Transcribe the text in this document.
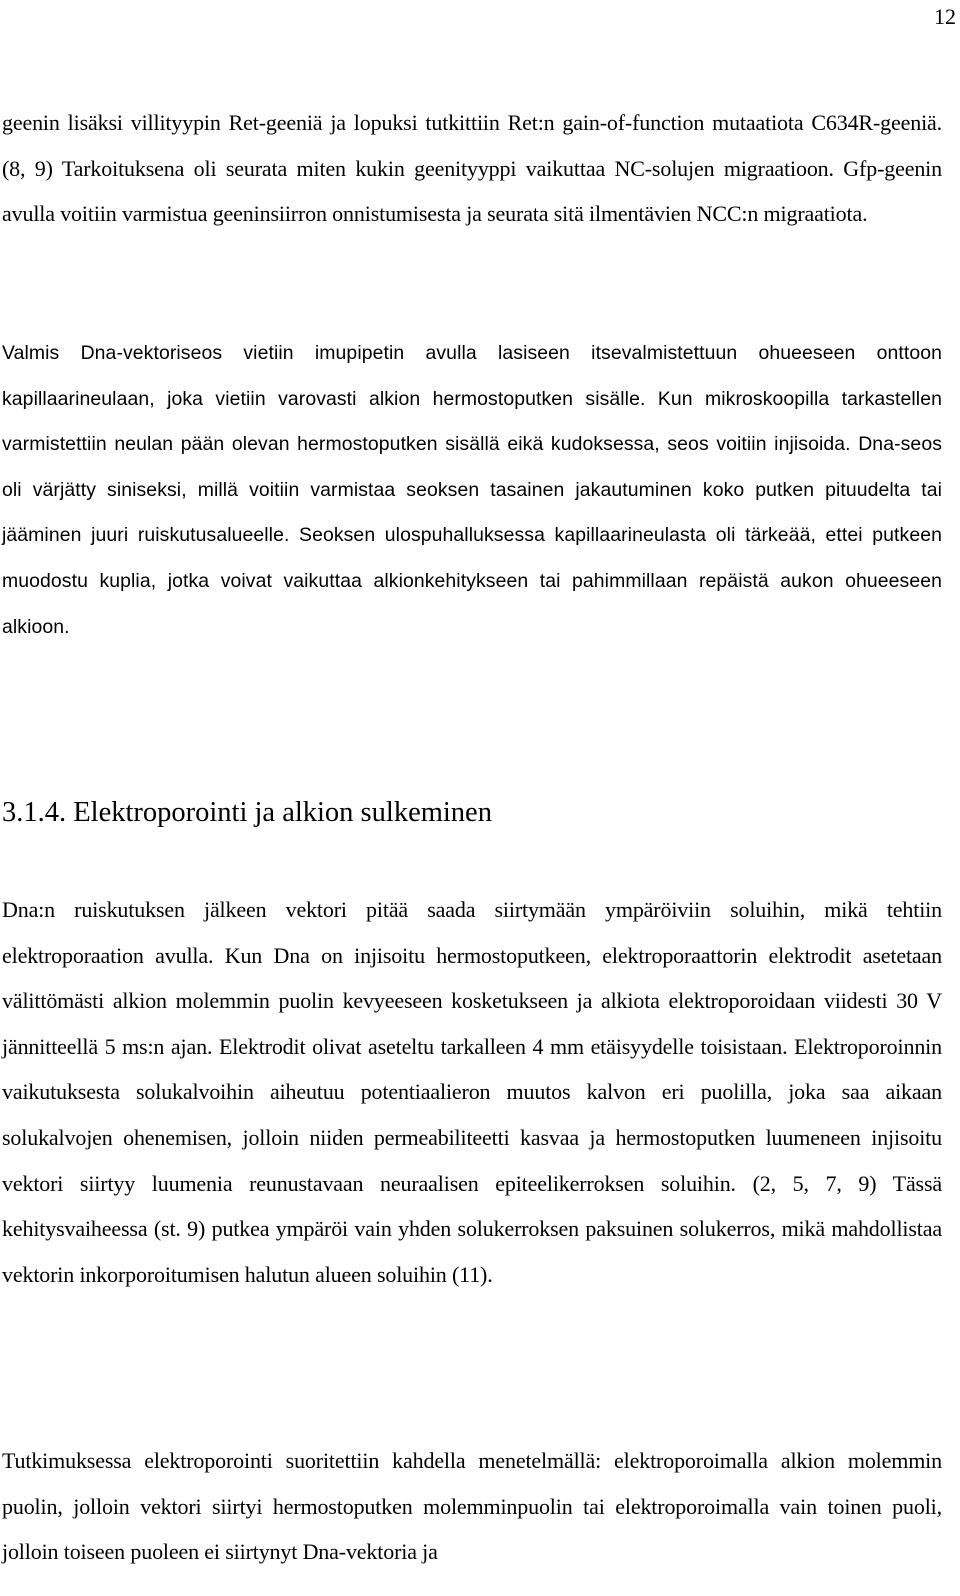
12

geenin lisäksi villityypin Ret-geeniä ja lopuksi tutkittiin Ret:n gain-of-function mutaatiota C634R-geeniä. (8, 9) Tarkoituksena oli seurata miten kukin geenityyppi vaikuttaa NC-solujen migraatioon. Gfp-geenin avulla voitiin varmistua geeninsiirron onnistumisesta ja seurata sitä ilmentävien NCC:n migraatiota.

Valmis Dna-vektoriseos vietiin imupipetin avulla lasiseen itsevalmistettuun ohueeseen onttoon kapillaarineulaan, joka vietiin varovasti alkion hermostoputken sisälle. Kun mikroskoopilla tarkastellen varmistettiin neulan pään olevan hermostoputken sisällä eikä kudoksessa, seos voitiin injisoida. Dna-seos oli värjätty siniseksi, millä voitiin varmistaa seoksen tasainen jakautuminen koko putken pituudelta tai jääminen juuri ruiskutusalueelle. Seoksen ulospuhalluksessa kapillaarineulasta oli tärkeää, ettei putkeen muodostu kuplia, jotka voivat vaikuttaa alkionkehitykseen tai pahimmillaan repäistä aukon ohueeseen alkioon.

3.1.4. Elektroporointi ja alkion sulkeminen

Dna:n ruiskutuksen jälkeen vektori pitää saada siirtymään ympäröiviin soluihin, mikä tehtiin elektroporaation avulla. Kun Dna on injisoitu hermostoputkeen, elektroporaattorin elektrodit asetetaan välittömästi alkion molemmin puolin kevyeeseen kosketukseen ja alkiota elektroporoidaan viidesti 30 V jännitteellä 5 ms:n ajan. Elektrodit olivat aseteltu tarkalleen 4 mm etäisyydelle toisistaan. Elektroporoinnin vaikutuksesta solukalvoihin aiheutuu potentiaalieron muutos kalvon eri puolilla, joka saa aikaan solukalvojen ohenemisen, jolloin niiden permeabiliteetti kasvaa ja hermostoputken luumeneen injisoitu vektori siirtyy luumenia reunustavaan neuraalisen epiteelikerroksen soluihin. (2, 5, 7, 9) Tässä kehitysvaiheessa (st. 9) putkea ympäröi vain yhden solukerroksen paksuinen solukerros, mikä mahdollistaa vektorin inkorporoitumisen halutun alueen soluihin (11).

Tutkimuksessa elektroporointi suoritettiin kahdella menetelmällä: elektroporoimalla alkion molemmin puolin, jolloin vektori siirtyi hermostoputken molemminpuolin tai elektroporoimalla vain toinen puoli, jolloin toiseen puoleen ei siirtynyt Dna-vektoria ja
